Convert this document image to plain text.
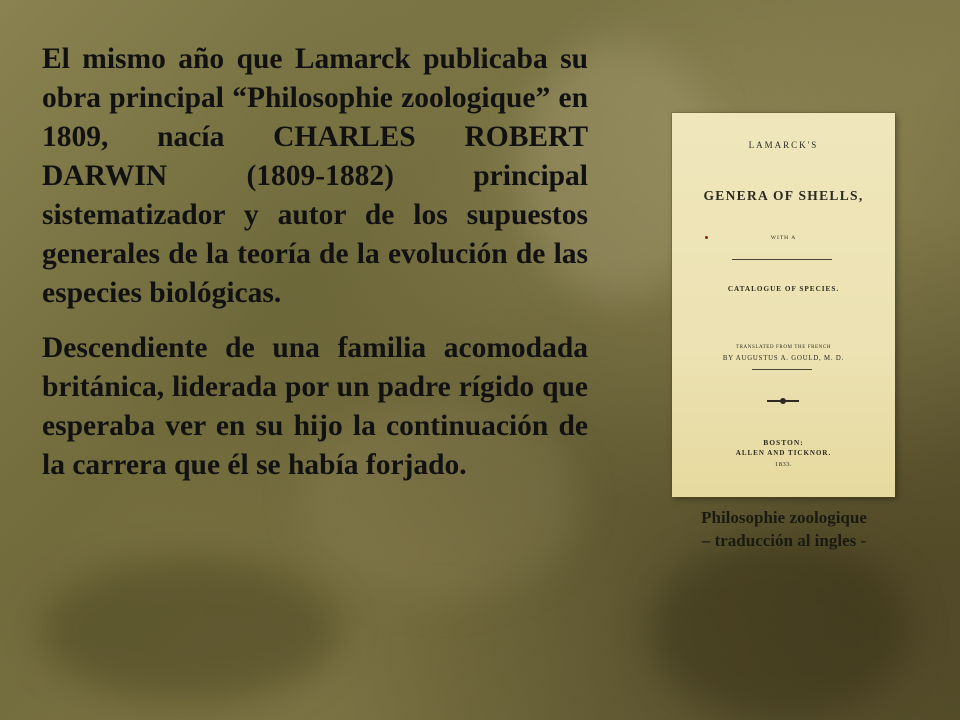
El mismo año que Lamarck publicaba su obra principal “Philosophie zoologique” en 1809, nacía CHARLES ROBERT DARWIN (1809-1882) principal sistematizador y autor de los supuestos generales de la teoría de la evolución de las especies biológicas.

Descendiente de una familia acomodada británica, liderada por un padre rígido que esperaba ver en su hijo la continuación de la carrera que él se había forjado.

LAMARCK'S
GENERA OF SHELLS,
WITH A
CATALOGUE OF SPECIES.
TRANSLATED FROM THE FRENCH
BY AUGUSTUS A. GOULD, M. D.
BOSTON:
ALLEN AND TICKNOR.
1833.
Philosophie zoologique
– traducción al ingles -
